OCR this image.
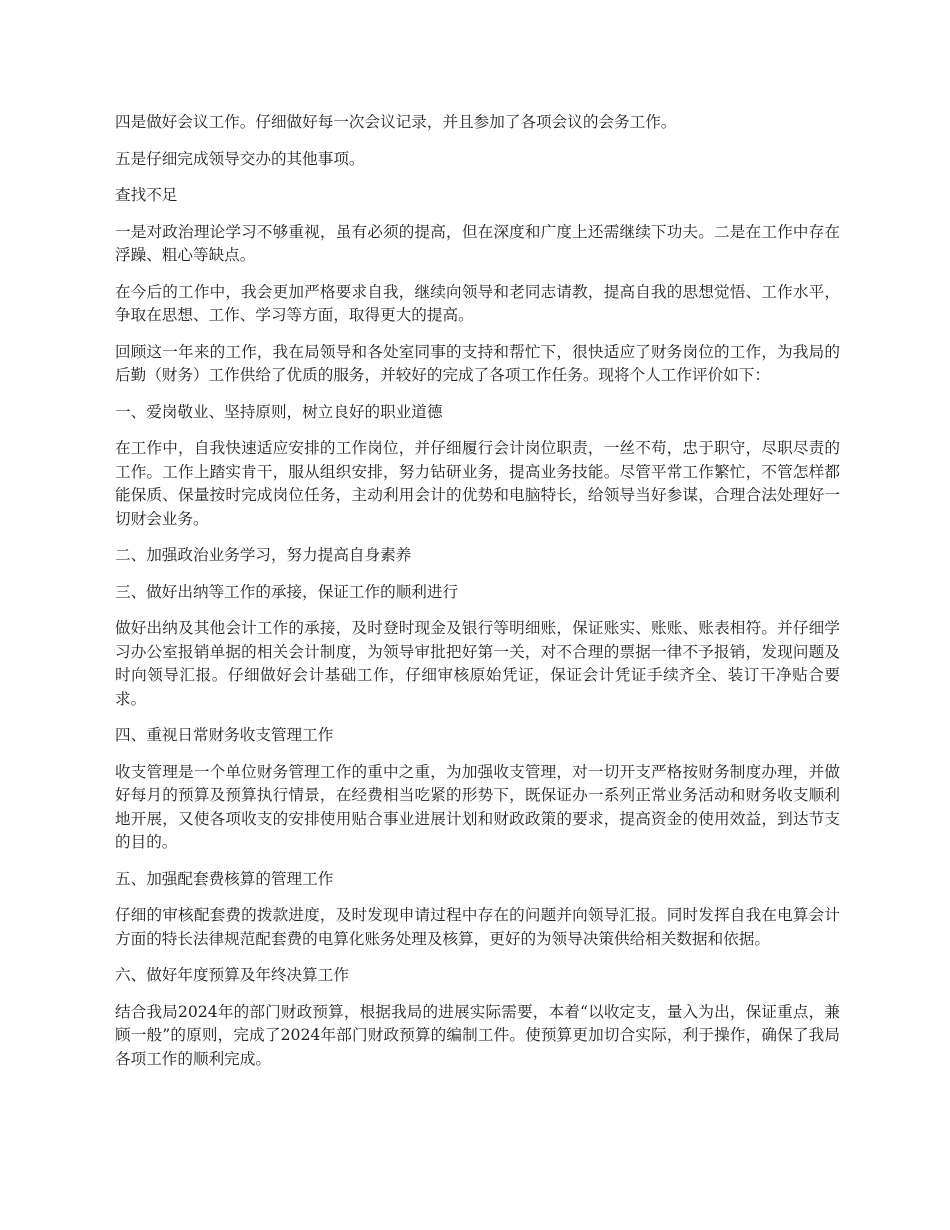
四是做好会议工作。仔细做好每一次会议记录，并且参加了各项会议的会务工作。

五是仔细完成领导交办的其他事项。

查找不足

一是对政治理论学习不够重视，虽有必须的提高，但在深度和广度上还需继续下功夫。二是在工作中存在浮躁、粗心等缺点。

在今后的工作中，我会更加严格要求自我，继续向领导和老同志请教，提高自我的思想觉悟、工作水平，争取在思想、工作、学习等方面，取得更大的提高。

回顾这一年来的工作，我在局领导和各处室同事的支持和帮忙下，很快适应了财务岗位的工作，为我局的后勤（财务）工作供给了优质的服务，并较好的完成了各项工作任务。现将个人工作评价如下：

一、爱岗敬业、坚持原则，树立良好的职业道德

在工作中，自我快速适应安排的工作岗位，并仔细履行会计岗位职责，一丝不苟，忠于职守，尽职尽责的工作。工作上踏实肯干，服从组织安排，努力钻研业务，提高业务技能。尽管平常工作繁忙，不管怎样都能保质、保量按时完成岗位任务，主动利用会计的优势和电脑特长，给领导当好参谋，合理合法处理好一切财会业务。

二、加强政治业务学习，努力提高自身素养

三、做好出纳等工作的承接，保证工作的顺利进行

做好出纳及其他会计工作的承接，及时登时现金及银行等明细账，保证账实、账账、账表相符。并仔细学习办公室报销单据的相关会计制度，为领导审批把好第一关，对不合理的票据一律不予报销，发现问题及时向领导汇报。仔细做好会计基础工作，仔细审核原始凭证，保证会计凭证手续齐全、装订干净贴合要求。

四、重视日常财务收支管理工作

收支管理是一个单位财务管理工作的重中之重，为加强收支管理，对一切开支严格按财务制度办理，并做好每月的预算及预算执行情景，在经费相当吃紧的形势下，既保证办一系列正常业务活动和财务收支顺利地开展，又使各项收支的安排使用贴合事业进展计划和财政政策的要求，提高资金的使用效益，到达节支的目的。

五、加强配套费核算的管理工作

仔细的审核配套费的拨款进度，及时发现申请过程中存在的问题并向领导汇报。同时发挥自我在电算会计方面的特长法律规范配套费的电算化账务处理及核算，更好的为领导决策供给相关数据和依据。

六、做好年度预算及年终决算工作

结合我局2024年的部门财政预算，根据我局的进展实际需要，本着“以收定支，量入为出，保证重点，兼顾一般”的原则，完成了2024年部门财政预算的编制工件。使预算更加切合实际，利于操作，确保了我局各项工作的顺利完成。
